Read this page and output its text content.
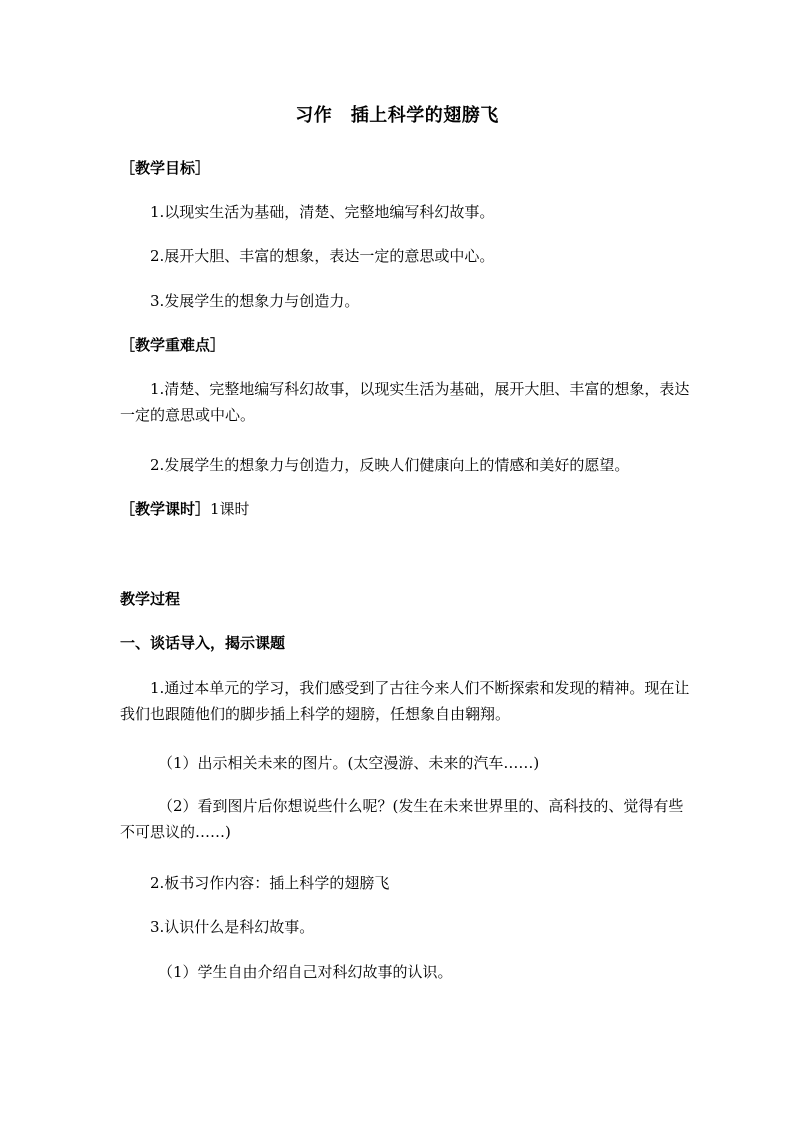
习作　插上科学的翅膀飞
［教学目标］
1.以现实生活为基础，清楚、完整地编写科幻故事。
2.展开大胆、丰富的想象，表达一定的意思或中心。
3.发展学生的想象力与创造力。
［教学重难点］
1.清楚、完整地编写科幻故事，以现实生活为基础，展开大胆、丰富的想象，表达一定的意思或中心。
2.发展学生的想象力与创造力，反映人们健康向上的情感和美好的愿望。
［教学课时］1课时
教学过程
一、谈话导入，揭示课题
1.通过本单元的学习，我们感受到了古往今来人们不断探索和发现的精神。现在让我们也跟随他们的脚步插上科学的翅膀，任想象自由翱翔。
（1）出示相关未来的图片。(太空漫游、未来的汽车……)
（2）看到图片后你想说些什么呢？(发生在未来世界里的、高科技的、觉得有些不可思议的……)
2.板书习作内容：插上科学的翅膀飞
3.认识什么是科幻故事。
（1）学生自由介绍自己对科幻故事的认识。
